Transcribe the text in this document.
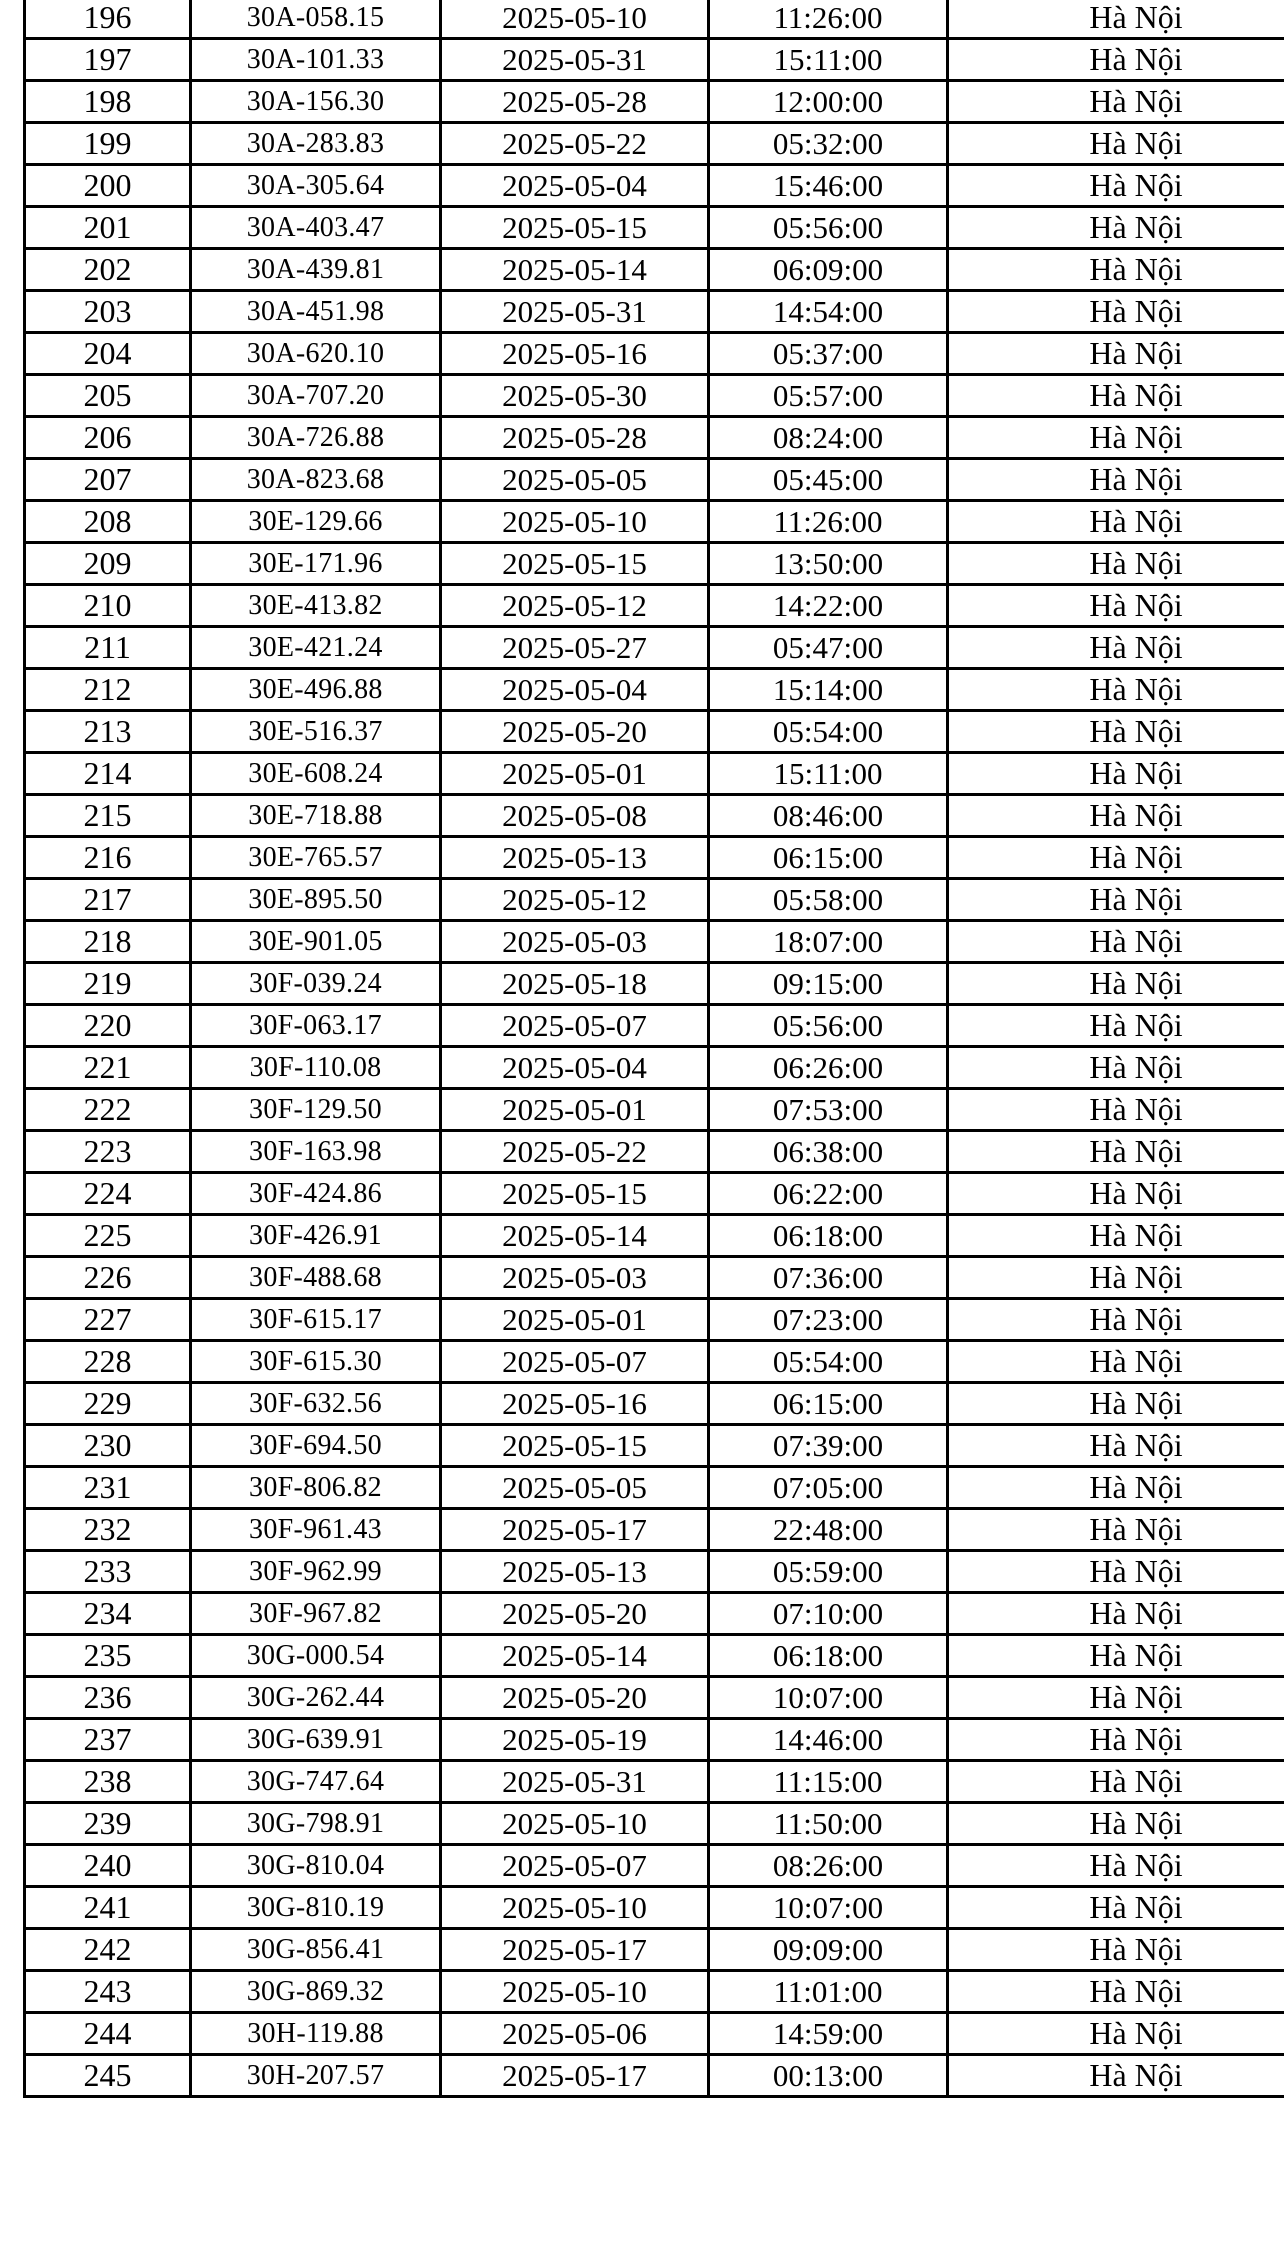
196	30A-058.15	2025-05-10	11:26:00	Hà Nội
197	30A-101.33	2025-05-31	15:11:00	Hà Nội
198	30A-156.30	2025-05-28	12:00:00	Hà Nội
199	30A-283.83	2025-05-22	05:32:00	Hà Nội
200	30A-305.64	2025-05-04	15:46:00	Hà Nội
201	30A-403.47	2025-05-15	05:56:00	Hà Nội
202	30A-439.81	2025-05-14	06:09:00	Hà Nội
203	30A-451.98	2025-05-31	14:54:00	Hà Nội
204	30A-620.10	2025-05-16	05:37:00	Hà Nội
205	30A-707.20	2025-05-30	05:57:00	Hà Nội
206	30A-726.88	2025-05-28	08:24:00	Hà Nội
207	30A-823.68	2025-05-05	05:45:00	Hà Nội
208	30E-129.66	2025-05-10	11:26:00	Hà Nội
209	30E-171.96	2025-05-15	13:50:00	Hà Nội
210	30E-413.82	2025-05-12	14:22:00	Hà Nội
211	30E-421.24	2025-05-27	05:47:00	Hà Nội
212	30E-496.88	2025-05-04	15:14:00	Hà Nội
213	30E-516.37	2025-05-20	05:54:00	Hà Nội
214	30E-608.24	2025-05-01	15:11:00	Hà Nội
215	30E-718.88	2025-05-08	08:46:00	Hà Nội
216	30E-765.57	2025-05-13	06:15:00	Hà Nội
217	30E-895.50	2025-05-12	05:58:00	Hà Nội
218	30E-901.05	2025-05-03	18:07:00	Hà Nội
219	30F-039.24	2025-05-18	09:15:00	Hà Nội
220	30F-063.17	2025-05-07	05:56:00	Hà Nội
221	30F-110.08	2025-05-04	06:26:00	Hà Nội
222	30F-129.50	2025-05-01	07:53:00	Hà Nội
223	30F-163.98	2025-05-22	06:38:00	Hà Nội
224	30F-424.86	2025-05-15	06:22:00	Hà Nội
225	30F-426.91	2025-05-14	06:18:00	Hà Nội
226	30F-488.68	2025-05-03	07:36:00	Hà Nội
227	30F-615.17	2025-05-01	07:23:00	Hà Nội
228	30F-615.30	2025-05-07	05:54:00	Hà Nội
229	30F-632.56	2025-05-16	06:15:00	Hà Nội
230	30F-694.50	2025-05-15	07:39:00	Hà Nội
231	30F-806.82	2025-05-05	07:05:00	Hà Nội
232	30F-961.43	2025-05-17	22:48:00	Hà Nội
233	30F-962.99	2025-05-13	05:59:00	Hà Nội
234	30F-967.82	2025-05-20	07:10:00	Hà Nội
235	30G-000.54	2025-05-14	06:18:00	Hà Nội
236	30G-262.44	2025-05-20	10:07:00	Hà Nội
237	30G-639.91	2025-05-19	14:46:00	Hà Nội
238	30G-747.64	2025-05-31	11:15:00	Hà Nội
239	30G-798.91	2025-05-10	11:50:00	Hà Nội
240	30G-810.04	2025-05-07	08:26:00	Hà Nội
241	30G-810.19	2025-05-10	10:07:00	Hà Nội
242	30G-856.41	2025-05-17	09:09:00	Hà Nội
243	30G-869.32	2025-05-10	11:01:00	Hà Nội
244	30H-119.88	2025-05-06	14:59:00	Hà Nội
245	30H-207.57	2025-05-17	00:13:00	Hà Nội
